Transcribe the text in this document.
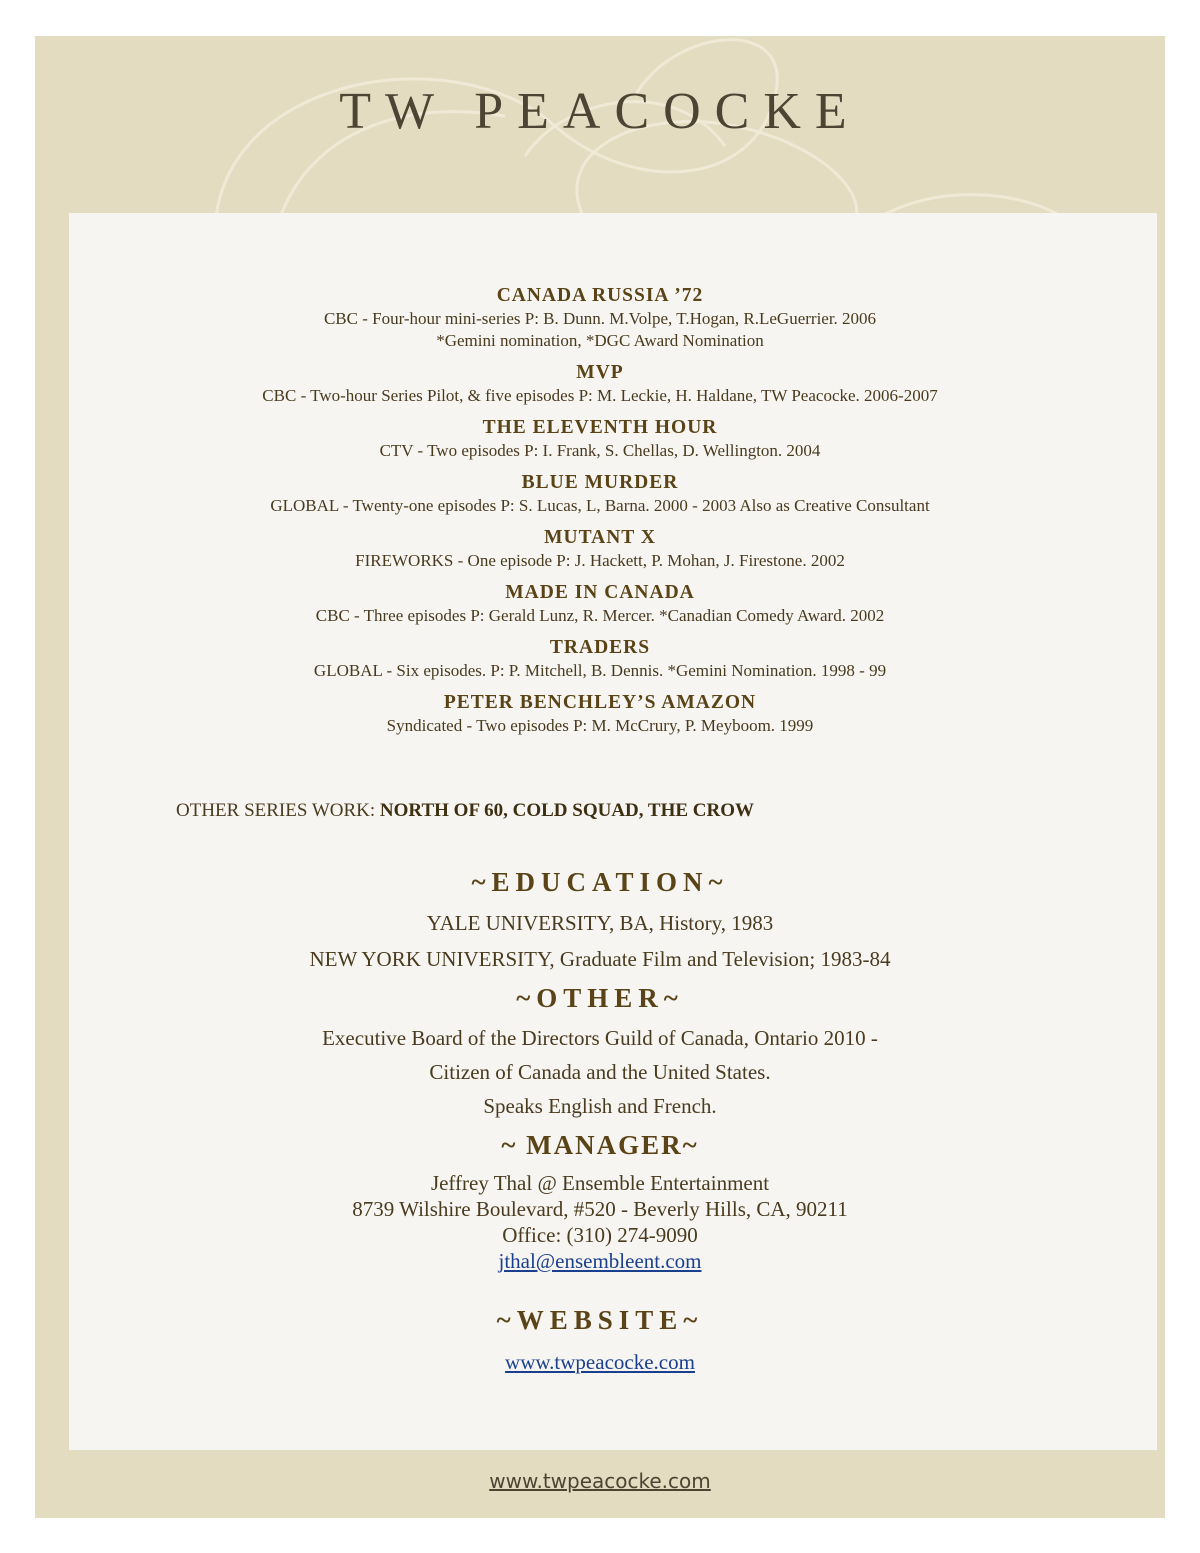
TW PEACOCKE
CANADA RUSSIA ’72
CBC - Four-hour mini-series P: B. Dunn. M.Volpe, T.Hogan, R.LeGuerrier. 2006
*Gemini nomination, *DGC Award Nomination
MVP
CBC - Two-hour Series Pilot, & five episodes P: M. Leckie, H. Haldane, TW Peacocke. 2006-2007
THE ELEVENTH HOUR
CTV - Two episodes P: I. Frank, S. Chellas, D. Wellington. 2004
BLUE MURDER
GLOBAL - Twenty-one episodes P: S. Lucas, L, Barna. 2000 - 2003 Also as Creative Consultant
MUTANT X
FIREWORKS - One episode P: J. Hackett, P. Mohan, J. Firestone. 2002
MADE IN CANADA
CBC - Three episodes P: Gerald Lunz, R. Mercer. *Canadian Comedy Award. 2002
TRADERS
GLOBAL - Six episodes. P: P. Mitchell, B. Dennis. *Gemini Nomination. 1998 - 99
PETER BENCHLEY’S AMAZON
Syndicated - Two episodes P: M. McCrury, P. Meyboom. 1999
OTHER SERIES WORK: NORTH OF 60, COLD SQUAD, THE CROW
~EDUCATION~
YALE UNIVERSITY, BA, History, 1983
NEW YORK UNIVERSITY, Graduate Film and Television; 1983-84
~OTHER~
Executive Board of the Directors Guild of Canada, Ontario 2010 -
Citizen of Canada and the United States.
Speaks English and French.
~ MANAGER~
Jeffrey Thal @ Ensemble Entertainment
8739 Wilshire Boulevard, #520 - Beverly Hills, CA, 90211
Office: (310) 274-9090
jthal@ensembleent.com
~WEBSITE~
www.twpeacocke.com
www.twpeacocke.com
